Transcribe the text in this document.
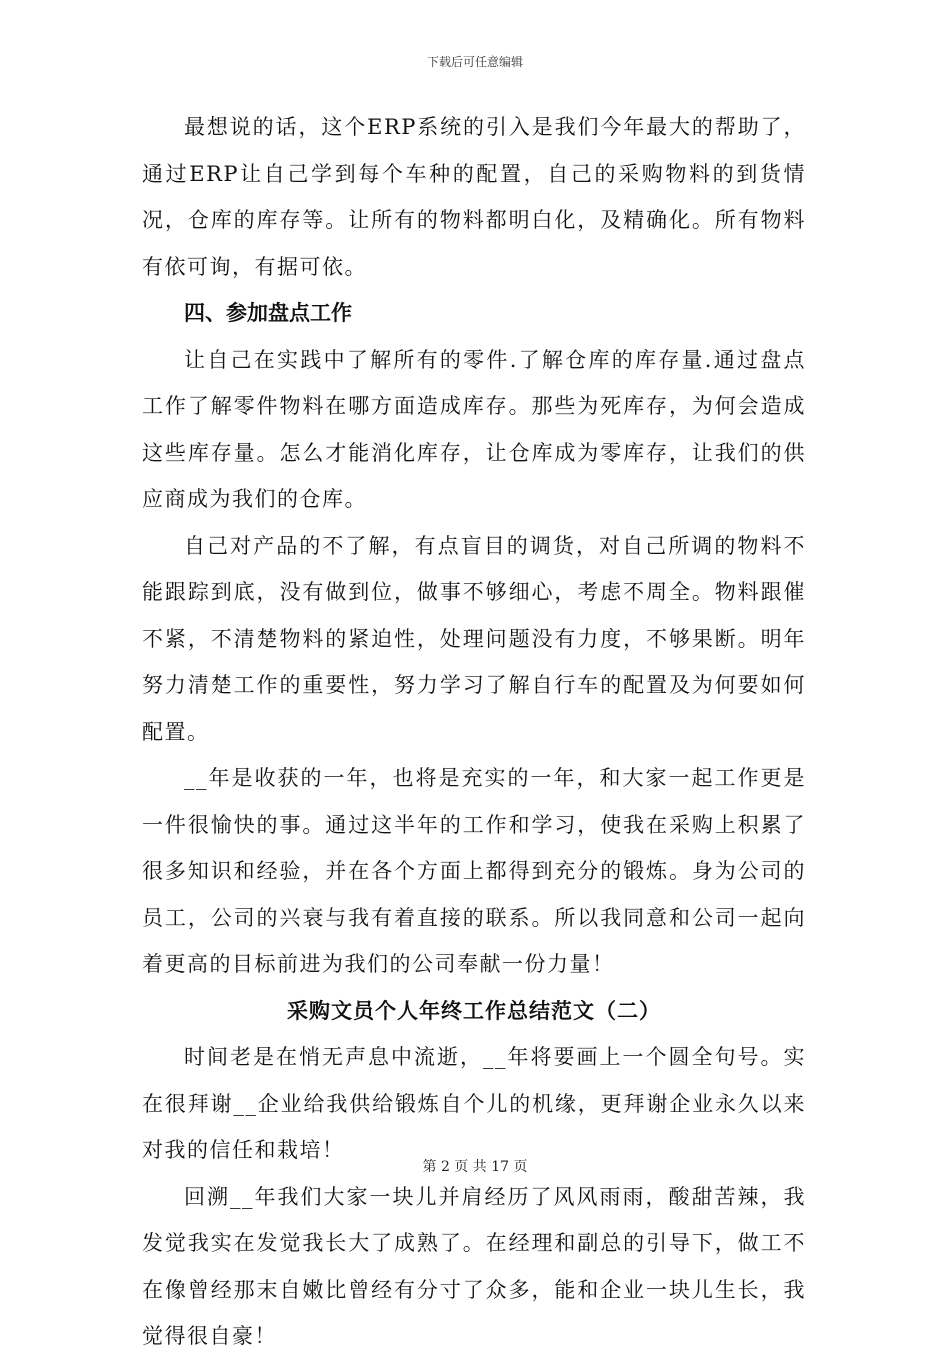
下载后可任意编辑

最想说的话，这个ERP系统的引入是我们今年最大的帮助了，通过ERP让自己学到每个车种的配置，自己的采购物料的到货情况，仓库的库存等。让所有的物料都明白化，及精确化。所有物料有依可询，有据可依。

四、参加盘点工作

让自己在实践中了解所有的零件.了解仓库的库存量.通过盘点工作了解零件物料在哪方面造成库存。那些为死库存，为何会造成这些库存量。怎么才能消化库存，让仓库成为零库存，让我们的供应商成为我们的仓库。

自己对产品的不了解，有点盲目的调货，对自己所调的物料不能跟踪到底，没有做到位，做事不够细心，考虑不周全。物料跟催不紧，不清楚物料的紧迫性，处理问题没有力度，不够果断。明年努力清楚工作的重要性，努力学习了解自行车的配置及为何要如何配置。

__年是收获的一年，也将是充实的一年，和大家一起工作更是一件很愉快的事。通过这半年的工作和学习，使我在采购上积累了很多知识和经验，并在各个方面上都得到充分的锻炼。身为公司的员工，公司的兴衰与我有着直接的联系。所以我同意和公司一起向着更高的目标前进为我们的公司奉献一份力量！

采购文员个人年终工作总结范文（二）

时间老是在悄无声息中流逝，__年将要画上一个圆全句号。实在很拜谢__企业给我供给锻炼自个儿的机缘，更拜谢企业永久以来对我的信任和栽培！

回溯__年我们大家一块儿并肩经历了风风雨雨，酸甜苦辣，我发觉我实在发觉我长大了成熟了。在经理和副总的引导下，做工不在像曾经那末自嫩比曾经有分寸了众多，能和企业一块儿生长，我觉得很自豪！

第 2 页 共 17 页
